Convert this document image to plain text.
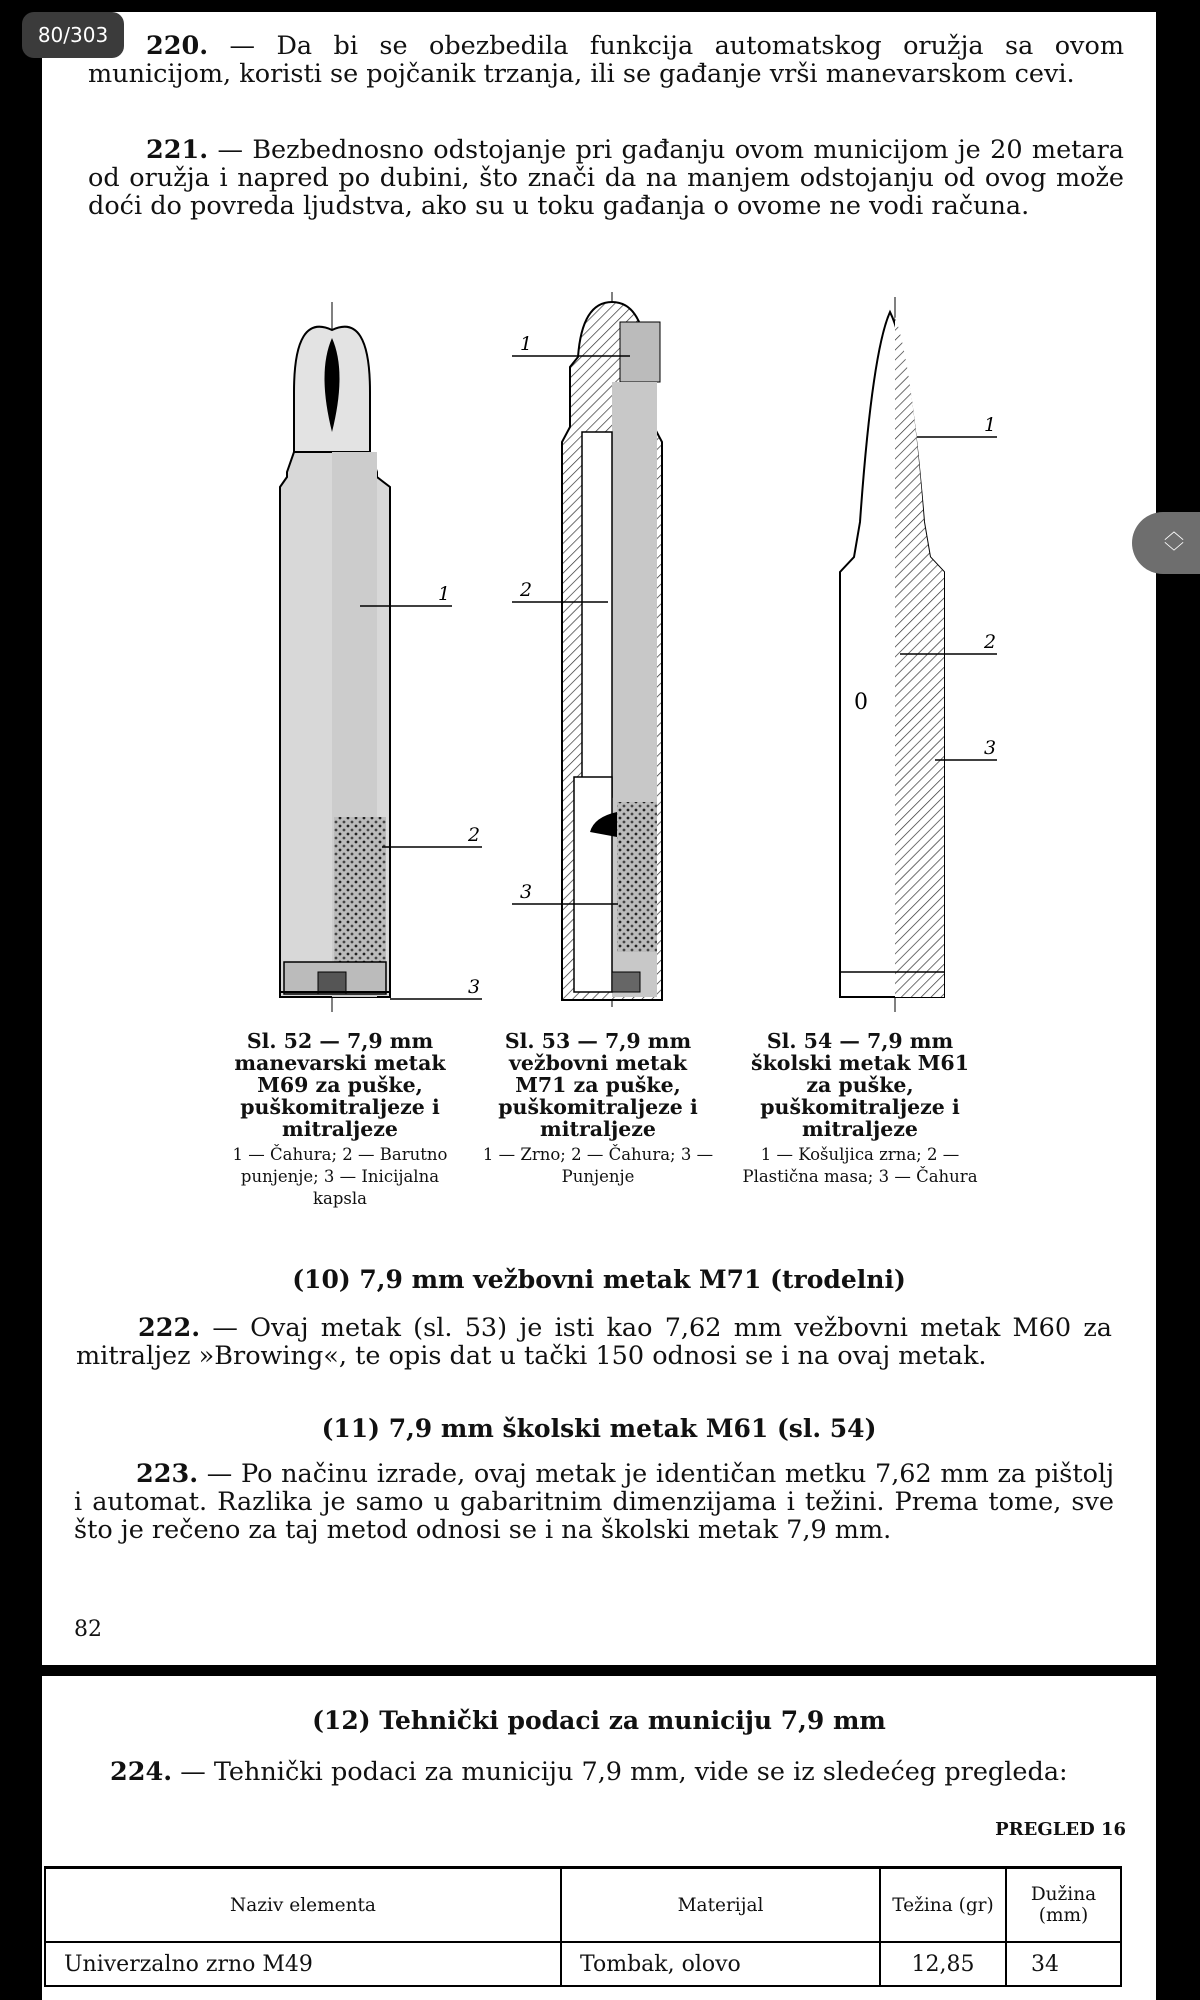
80/303
︿
﹀

220. — Da bi se obezbedila funkcija automatskog oružja sa ovom municijom, koristi se pojčanik trzanja, ili se gađanje vrši manevarskom cevi.

221. — Bezbednosno odstojanje pri gađanju ovom municijom je 20 metara od oružja i napred po dubini, što znači da na manjem odstojanju od ovog može doći do povreda ljudstva, ako su u toku gađanja o ovome ne vodi računa.

1
2
3
1
2
3
0
1
2
3
Sl. 52 — 7,9 mm manevarski metak M69 za puške, puškomitraljeze i mitraljeze
1 — Čahura; 2 — Barutno punjenje; 3 — Inicijalna kapsla
Sl. 53 — 7,9 mm vežbovni metak M71 za puške, puškomitraljeze i mitraljeze
1 — Zrno; 2 — Čahura; 3 — Punjenje
Sl. 54 — 7,9 mm školski metak M61 za puške, puškomitraljeze i mitraljeze
1 — Košuljica zrna; 2 — Plastična masa; 3 — Čahura
(10) 7,9 mm vežbovni metak M71 (trodelni)

222. — Ovaj metak (sl. 53) je isti kao 7,62 mm vežbovni metak M60 za mitraljez »Browing«, te opis dat u tački 150 odnosi se i na ovaj metak.

(11) 7,9 mm školski metak M61 (sl. 54)

223. — Po načinu izrade, ovaj metak je identičan metku 7,62 mm za pištolj i automat. Razlika je samo u gabaritnim dimenzijama i težini. Prema tome, sve što je rečeno za taj metod odnosi se i na školski metak 7,9 mm.

82
(12) Tehnički podaci za municiju 7,9 mm

224. — Tehnički podaci za municiju 7,9 mm, vide se iz sledećeg pregleda:

PREGLED 16
Naziv elementa	Materijal	Težina (gr)	Dužina (mm)
Univerzalno zrno M49	Tombak, olovo	12,85	34
